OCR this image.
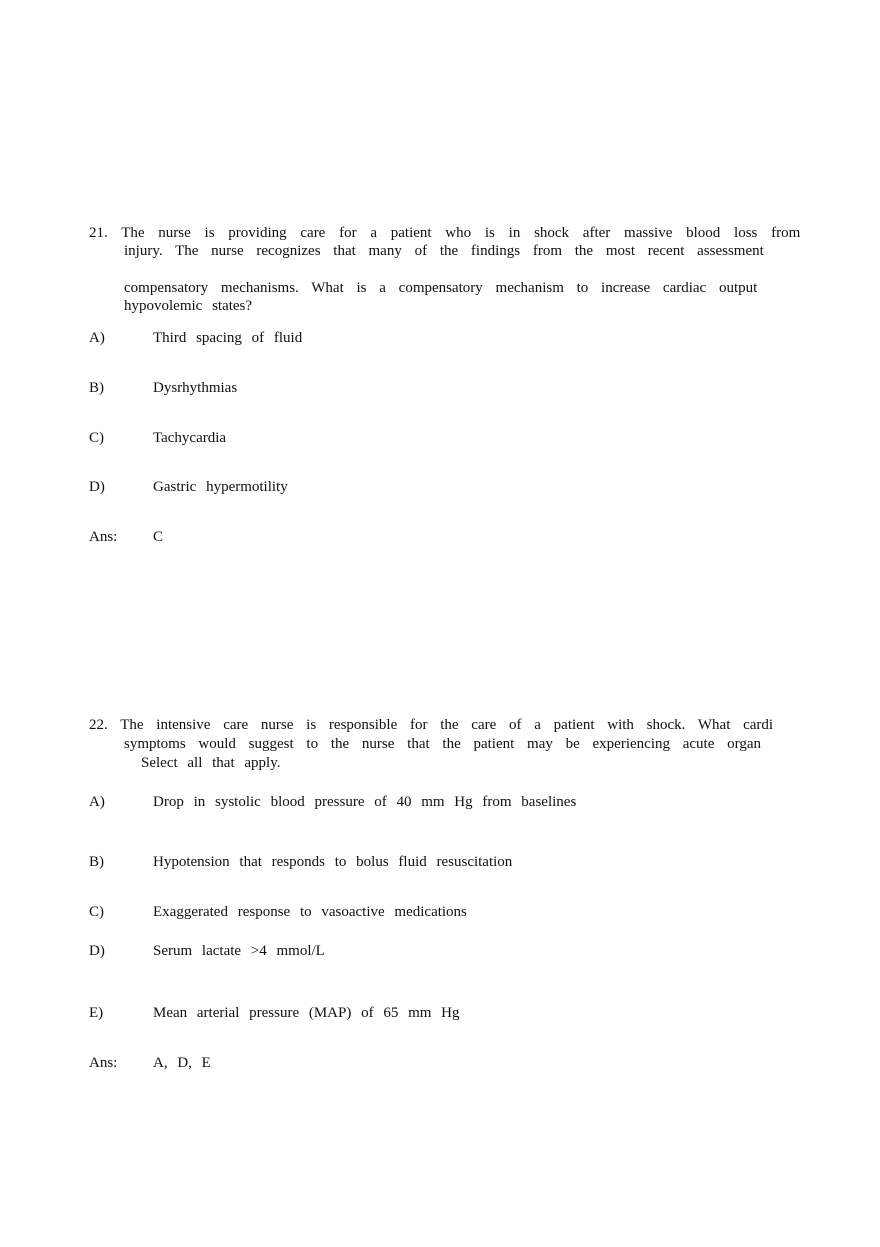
21. The nurse is providing care for a patient who is in shock after massive blood loss from
injury. The nurse recognizes that many of the findings from the most recent assessment
compensatory mechanisms. What is a compensatory mechanism to increase cardiac output
hypovolemic states?
A)	Third spacing of fluid
B)	Dysrhythmias
C)	Tachycardia
D)	Gastric hypermotility
Ans: C
22. The intensive care nurse is responsible for the care of a patient with shock. What cardi
symptoms would suggest to the nurse that the patient may be experiencing acute organ
Select all that apply.
A)	Drop in systolic blood pressure of 40 mm Hg from baselines
B)	Hypotension that responds to bolus fluid resuscitation
C)	Exaggerated response to vasoactive medications
D)	Serum lactate >4 mmol/L
E)	Mean arterial pressure (MAP) of 65 mm Hg
Ans: A, D, E
